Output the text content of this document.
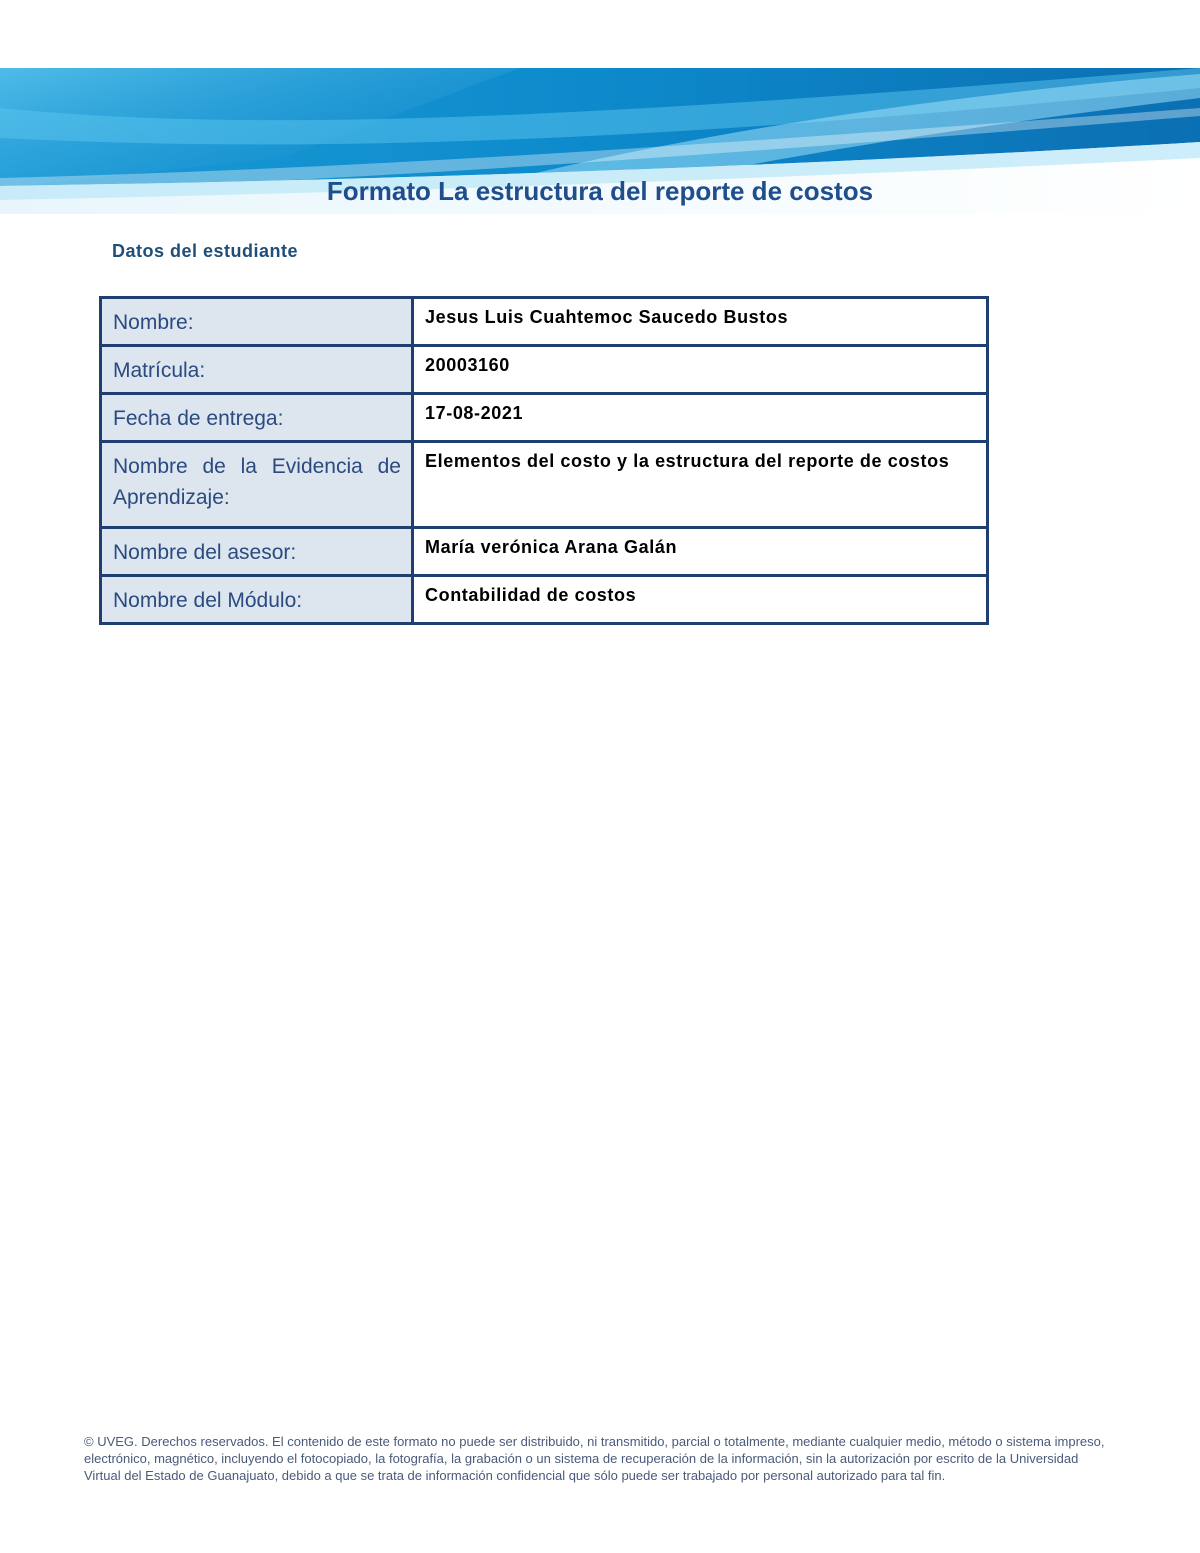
Formato La estructura del reporte de costos
Datos del estudiante
Nombre:	Jesus Luis Cuahtemoc Saucedo Bustos
Matrícula:	20003160
Fecha de entrega:	17-08-2021
Nombre de la Evidencia de Aprendizaje:	Elementos del costo y la estructura del reporte de costos
Nombre del asesor:	María verónica Arana Galán
Nombre del Módulo:	Contabilidad de costos
© UVEG. Derechos reservados. El contenido de este formato no puede ser distribuido, ni transmitido, parcial o totalmente, mediante cualquier medio, método o sistema impreso, electrónico, magnético, incluyendo el fotocopiado, la fotografía, la grabación o un sistema de recuperación de la información, sin la autorización por escrito de la Universidad Virtual del Estado de Guanajuato, debido a que se trata de información confidencial que sólo puede ser trabajado por personal autorizado para tal fin.
